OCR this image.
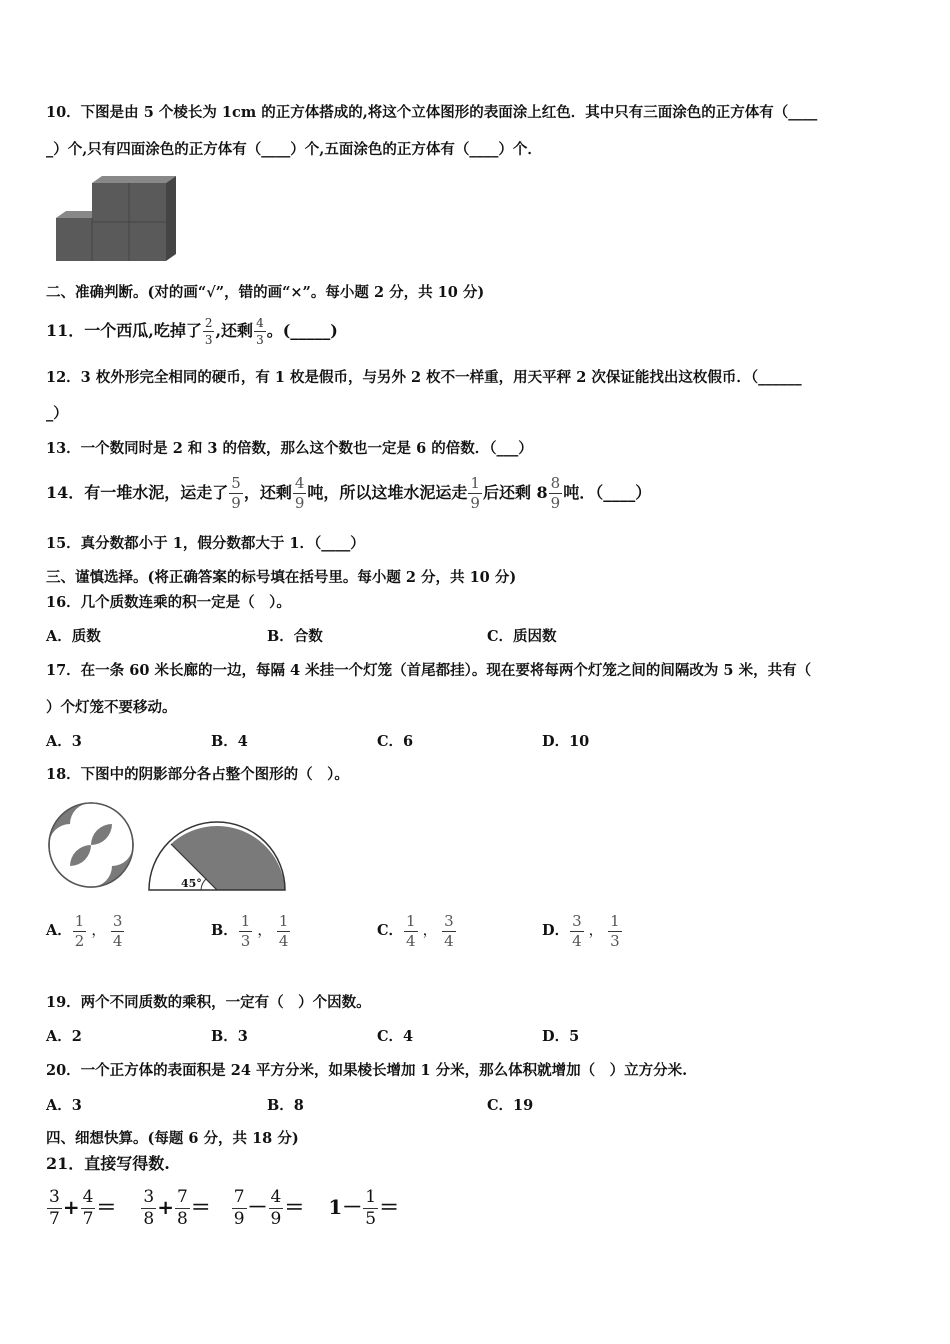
10．下图是由 5 个棱长为 1cm 的正方体搭成的,将这个立体图形的表面涂上红色．其中只有三面涂色的正方体有（____
_）个,只有四面涂色的正方体有（____）个,五面涂色的正方体有（____）个．
二、准确判断。(对的画“√”，错的画“×”。每小题 2 分，共 10 分)
11．一个西瓜,吃掉了 $\frac{2}{3}$ ,还剩 $\frac{4}{3}$ 。(_____)
12．3 枚外形完全相同的硬币，有 1 枚是假币，与另外 2 枚不一样重，用天平秤 2 次保证能找出这枚假币．（______
_）
13．一个数同时是 2 和 3 的倍数，那么这个数也一定是 6 的倍数．（___）
14．有一堆水泥，运走了 $\frac{5}{9}$ ，还剩 $\frac{4}{9}$ 吨，所以这堆水泥运走 $\frac{1}{9}$ 后还剩 $8 \frac{8}{9}$ 吨．（____）
15．真分数都小于 1，假分数都大于 1．（____）
三、谨慎选择。(将正确答案的标号填在括号里。每小题 2 分，共 10 分)
16．几个质数连乘的积一定是（　）。
A．质数	B．合数	C．质因数
17．在一条 60 米长廊的一边，每隔 4 米挂一个灯笼（首尾都挂）。现在要将每两个灯笼之间的间隔改为 5 米，共有（
）个灯笼不要移动。
A．3	B．4	C．6	D．10
18．下图中的阴影部分各占整个图形的（　）。
45°
A． $\frac{1}{2}$ ， $\frac{3}{4}$	B． $\frac{1}{3}$ ， $\frac{1}{4}$	C． $\frac{1}{4}$ ， $\frac{3}{4}$	D． $\frac{3}{4}$ ， $\frac{1}{3}$
19．两个不同质数的乘积，一定有（　）个因数。
A．2	B．3	C．4	D．5
20．一个正方体的表面积是 24 平方分米，如果棱长增加 1 分米，那么体积就增加（　）立方分米.
A．3	B．8	C．19
四、细想快算。(每题 6 分，共 18 分)
21．直接写得数.
$\frac{3}{7} + \frac{4}{7} = \frac{3}{8} + \frac{7}{8} = \frac{7}{9} - \frac{4}{9} = 1- \frac{1}{5}$ ＝
